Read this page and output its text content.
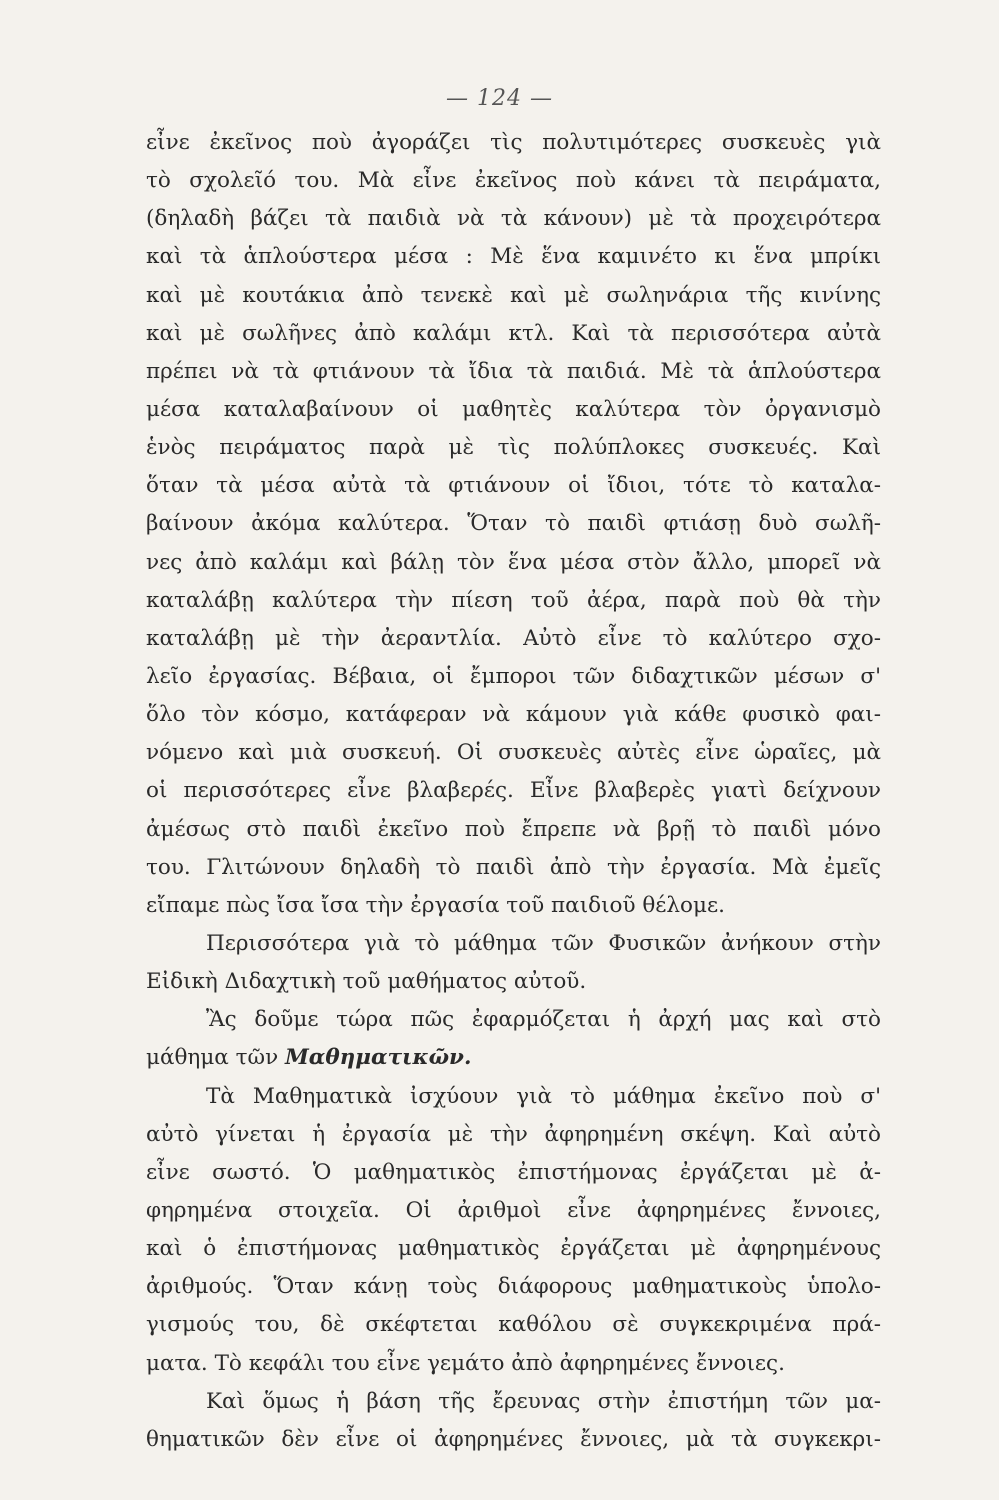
— 124 —
εἶνε ἐκεῖνος ποὺ ἀγοράζει τὶς πολυτιμότερες συσκευὲς γιὰ
τὸ σχολεῖό του. Μὰ εἶνε ἐκεῖνος ποὺ κάνει τὰ πειράματα,
(δηλαδὴ βάζει τὰ παιδιὰ νὰ τὰ κάνουν) μὲ τὰ προχειρότερα
καὶ τὰ ἁπλούστερα μέσα : Μὲ ἕνα καμινέτο κι ἕνα μπρίκι
καὶ μὲ κουτάκια ἀπὸ τενεκὲ καὶ μὲ σωληνάρια τῆς κινίνης
καὶ μὲ σωλῆνες ἀπὸ καλάμι κτλ. Καὶ τὰ περισσότερα αὐτὰ
πρέπει νὰ τὰ φτιάνουν τὰ ἴδια τὰ παιδιά. Μὲ τὰ ἁπλούστερα
μέσα καταλαβαίνουν οἱ μαθητὲς καλύτερα τὸν ὀργανισμὸ
ἑνὸς πειράματος παρὰ μὲ τὶς πολύπλοκες συσκευές. Καὶ
ὅταν τὰ μέσα αὐτὰ τὰ φτιάνουν οἱ ἴδιοι, τότε τὸ καταλα-
βαίνουν ἀκόμα καλύτερα. Ὅταν τὸ παιδὶ φτιάσῃ δυὸ σωλῆ-
νες ἀπὸ καλάμι καὶ βάλῃ τὸν ἕνα μέσα στὸν ἄλλο, μπορεῖ νὰ
καταλάβῃ καλύτερα τὴν πίεση τοῦ ἀέρα, παρὰ ποὺ θὰ τὴν
καταλάβῃ μὲ τὴν ἀεραντλία. Αὐτὸ εἶνε τὸ καλύτερο σχο-
λεῖο ἐργασίας. Βέβαια, οἱ ἔμποροι τῶν διδαχτικῶν μέσων σ'
ὅλο τὸν κόσμο, κατάφεραν νὰ κάμουν γιὰ κάθε φυσικὸ φαι-
νόμενο καὶ μιὰ συσκευή. Οἱ συσκευὲς αὐτὲς εἶνε ὡραῖες, μὰ
οἱ περισσότερες εἶνε βλαβερές. Εἶνε βλαβερὲς γιατὶ δείχνουν
ἀμέσως στὸ παιδὶ ἐκεῖνο ποὺ ἔπρεπε νὰ βρῇ τὸ παιδὶ μόνο
του. Γλιτώνουν δηλαδὴ τὸ παιδὶ ἀπὸ τὴν ἐργασία. Μὰ ἐμεῖς
εἴπαμε πὼς ἴσα ἴσα τὴν ἐργασία τοῦ παιδιοῦ θέλομε.
Περισσότερα γιὰ τὸ μάθημα τῶν Φυσικῶν ἀνήκουν στὴν
Εἰδικὴ Διδαχτικὴ τοῦ μαθήματος αὐτοῦ.
Ἂς δοῦμε τώρα πῶς ἐφαρμόζεται ἡ ἀρχή μας καὶ στὸ
μάθημα τῶν Μαθηματικῶν.
Τὰ Μαθηματικὰ ἰσχύουν γιὰ τὸ μάθημα ἐκεῖνο ποὺ σ'
αὐτὸ γίνεται ἡ ἐργασία μὲ τὴν ἀφηρημένη σκέψη. Καὶ αὐτὸ
εἶνε σωστό. Ὁ μαθηματικὸς ἐπιστήμονας ἐργάζεται μὲ ἀ-
φηρημένα στοιχεῖα. Οἱ ἀριθμοὶ εἶνε ἀφηρημένες ἔννοιες,
καὶ ὁ ἐπιστήμονας μαθηματικὸς ἐργάζεται μὲ ἀφηρημένους
ἀριθμούς. Ὅταν κάνῃ τοὺς διάφορους μαθηματικοὺς ὑπολο-
γισμούς του, δὲ σκέφτεται καθόλου σὲ συγκεκριμένα πρά-
ματα. Τὸ κεφάλι του εἶνε γεμάτο ἀπὸ ἀφηρημένες ἔννοιες.
Καὶ ὅμως ἡ βάση τῆς ἔρευνας στὴν ἐπιστήμη τῶν μα-
θηματικῶν δὲν εἶνε οἱ ἀφηρημένες ἔννοιες, μὰ τὰ συγκεκρι-
